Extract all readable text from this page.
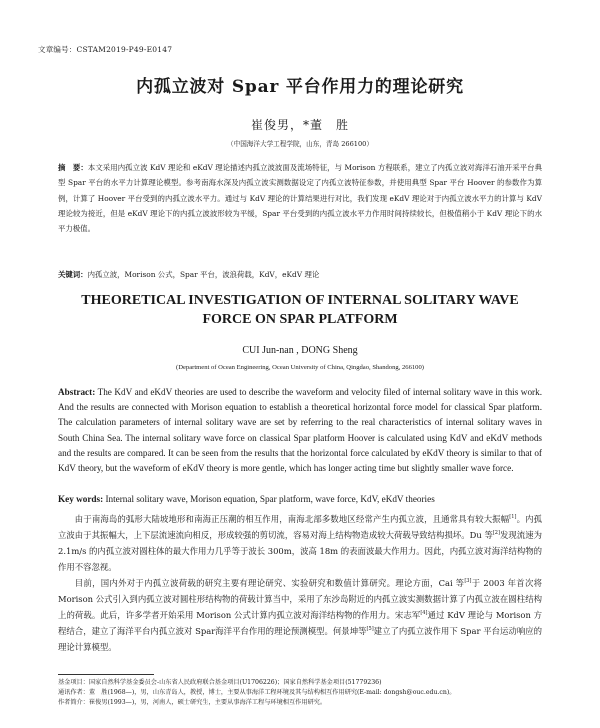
文章编号：CSTAM2019-P49-E0147
内孤立波对 Spar 平台作用力的理论研究
崔俊男，*董　胜
（中国海洋大学工程学院，山东，青岛 266100）
摘　要：本文采用内孤立波 KdV 理论和 eKdV 理论描述内孤立波波面及流场特征，与 Morison 方程联系，建立了内孤立波对海洋石油开采平台典型 Spar 平台的水平力计算理论模型。参考南海水深及内孤立波实测数据设定了内孤立波特征参数，并使用典型 Spar 平台 Hoover 的参数作为算例，计算了 Hoover 平台受到的内孤立波水平力。通过与 KdV 理论的计算结果进行对比，我们发现 eKdV 理论对于内孤立波水平力的计算与 KdV 理论较为接近，但是 eKdV 理论下的内孤立波波形较为平缓，Spar 平台受到的内孤立波水平力作用时间持续较长，但极值稍小于 KdV 理论下的水平力极值。
关键词：内孤立波，Morison 公式，Spar 平台，波浪荷载，KdV，eKdV 理论
THEORETICAL INVESTIGATION OF INTERNAL SOLITARY WAVE
FORCE ON SPAR PLATFORM
CUI Jun-nan , DONG Sheng
(Department of Ocean Engineering, Ocean University of China, Qingdao, Shandong, 266100)
Abstract: The KdV and eKdV theories are used to describe the waveform and velocity filed of internal solitary wave in this work. And the results are connected with Morison equation to establish a theoretical horizontal force model for classical Spar platform. The calculation parameters of internal solitary wave are set by referring to the real characteristics of internal solitary waves in South China Sea. The internal solitary wave force on classical Spar platform Hoover is calculated using KdV and eKdV methods and the results are compared. It can be seen from the results that the horizontal force calculated by eKdV theory is similar to that of KdV theory, but the waveform of eKdV theory is more gentle, which has longer acting time but slightly smaller wave force.
Key words: Internal solitary wave, Morison equation, Spar platform, wave force, KdV, eKdV theories

由于南海岛的弧形大陆坡地形和南海正压潮的相互作用，南海北部多数地区经常产生内孤立波，且通常具有较大振幅[1]。内孤立波由于其振幅大，上下层流速流向相反，形成较强的剪切流，容易对海上结构物造成较大荷载导致结构损坏。Du 等[2]发现流速为 2.1m/s 的内孤立波对圆柱体的最大作用力几乎等于波长 300m，波高 18m 的表面波最大作用力。因此，内孤立波对海洋结构物的作用不容忽视。

目前，国内外对于内孤立波荷载的研究主要有理论研究、实验研究和数值计算研究。理论方面，Cai 等[3]于 2003 年首次将 Morison 公式引入到内孤立波对圆柱形结构物的荷载计算当中，采用了东沙岛附近的内孤立波实测数据计算了内孤立波在圆柱结构上的荷载。此后，许多学者开始采用 Morison 公式计算内孤立波对海洋结构物的作用力。宋志军[4]通过 KdV 理论与 Morison 方程结合，建立了海洋平台内孤立波对 Spar海洋平台作用的理论预测模型。何景坤等[5]建立了内孤立波作用下 Spar 平台运动响应的理论计算模型。

基金项目：国家自然科学基金委员会-山东省人民政府联合基金项目(U1706226)；国家自然科学基金项目(51779236)
通讯作者：董　胜(1968—)，男，山东青岛人，教授，博士，主要从事海洋工程环境及其与结构相互作用研究(E-mail: dongsh@ouc.edu.cn)。
作者简介：崔俊男(1993—)，男，河南人，硕士研究生，主要从事海洋工程与环境相互作用研究。
